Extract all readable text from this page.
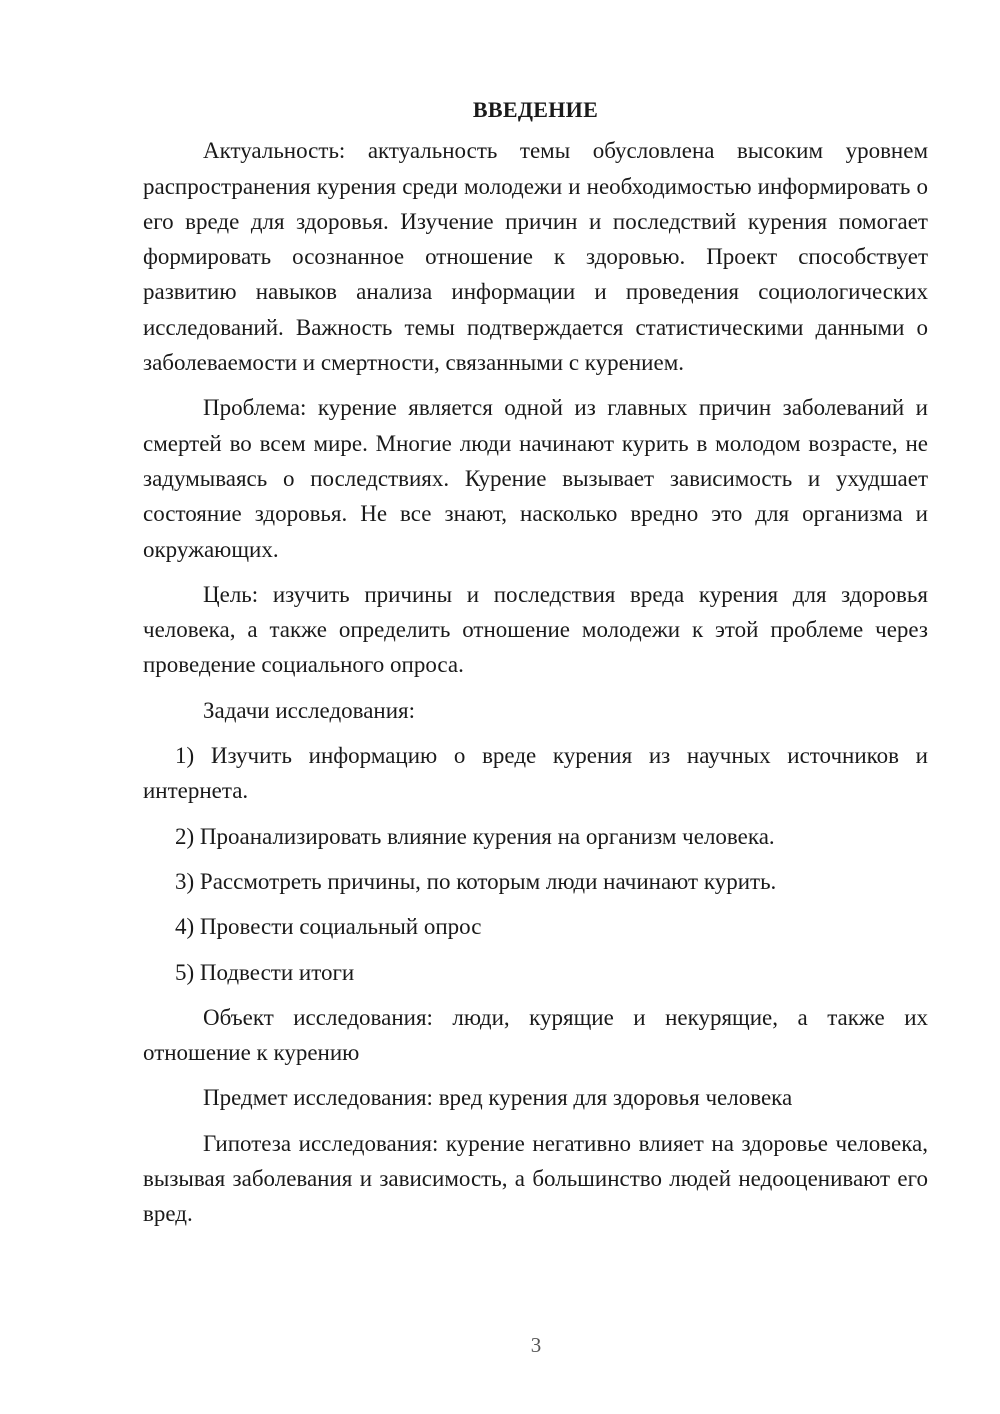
ВВЕДЕНИЕ

Актуальность: актуальность темы обусловлена высоким уровнем распространения курения среди молодежи и необходимостью информировать о его вреде для здоровья. Изучение причин и последствий курения помогает формировать осознанное отношение к здоровью. Проект способствует развитию навыков анализа информации и проведения социологических исследований. Важность темы подтверждается статистическими данными о заболеваемости и смертности, связанными с курением.

Проблема: курение является одной из главных причин заболеваний и смертей во всем мире. Многие люди начинают курить в молодом возрасте, не задумываясь о последствиях. Курение вызывает зависимость и ухудшает состояние здоровья. Не все знают, насколько вредно это для организма и окружающих.

Цель: изучить причины и последствия вреда курения для здоровья человека, а также определить отношение молодежи к этой проблеме через проведение социального опроса.

Задачи исследования:

1) Изучить информацию о вреде курения из научных источников и интернета.

2) Проанализировать влияние курения на организм человека.

3) Рассмотреть причины, по которым люди начинают курить.

4) Провести социальный опрос

5) Подвести итоги

Объект исследования: люди, курящие и некурящие, а также их отношение к курению

Предмет исследования: вред курения для здоровья человека

Гипотеза исследования: курение негативно влияет на здоровье человека, вызывая заболевания и зависимость, а большинство людей недооценивают его вред.

3
